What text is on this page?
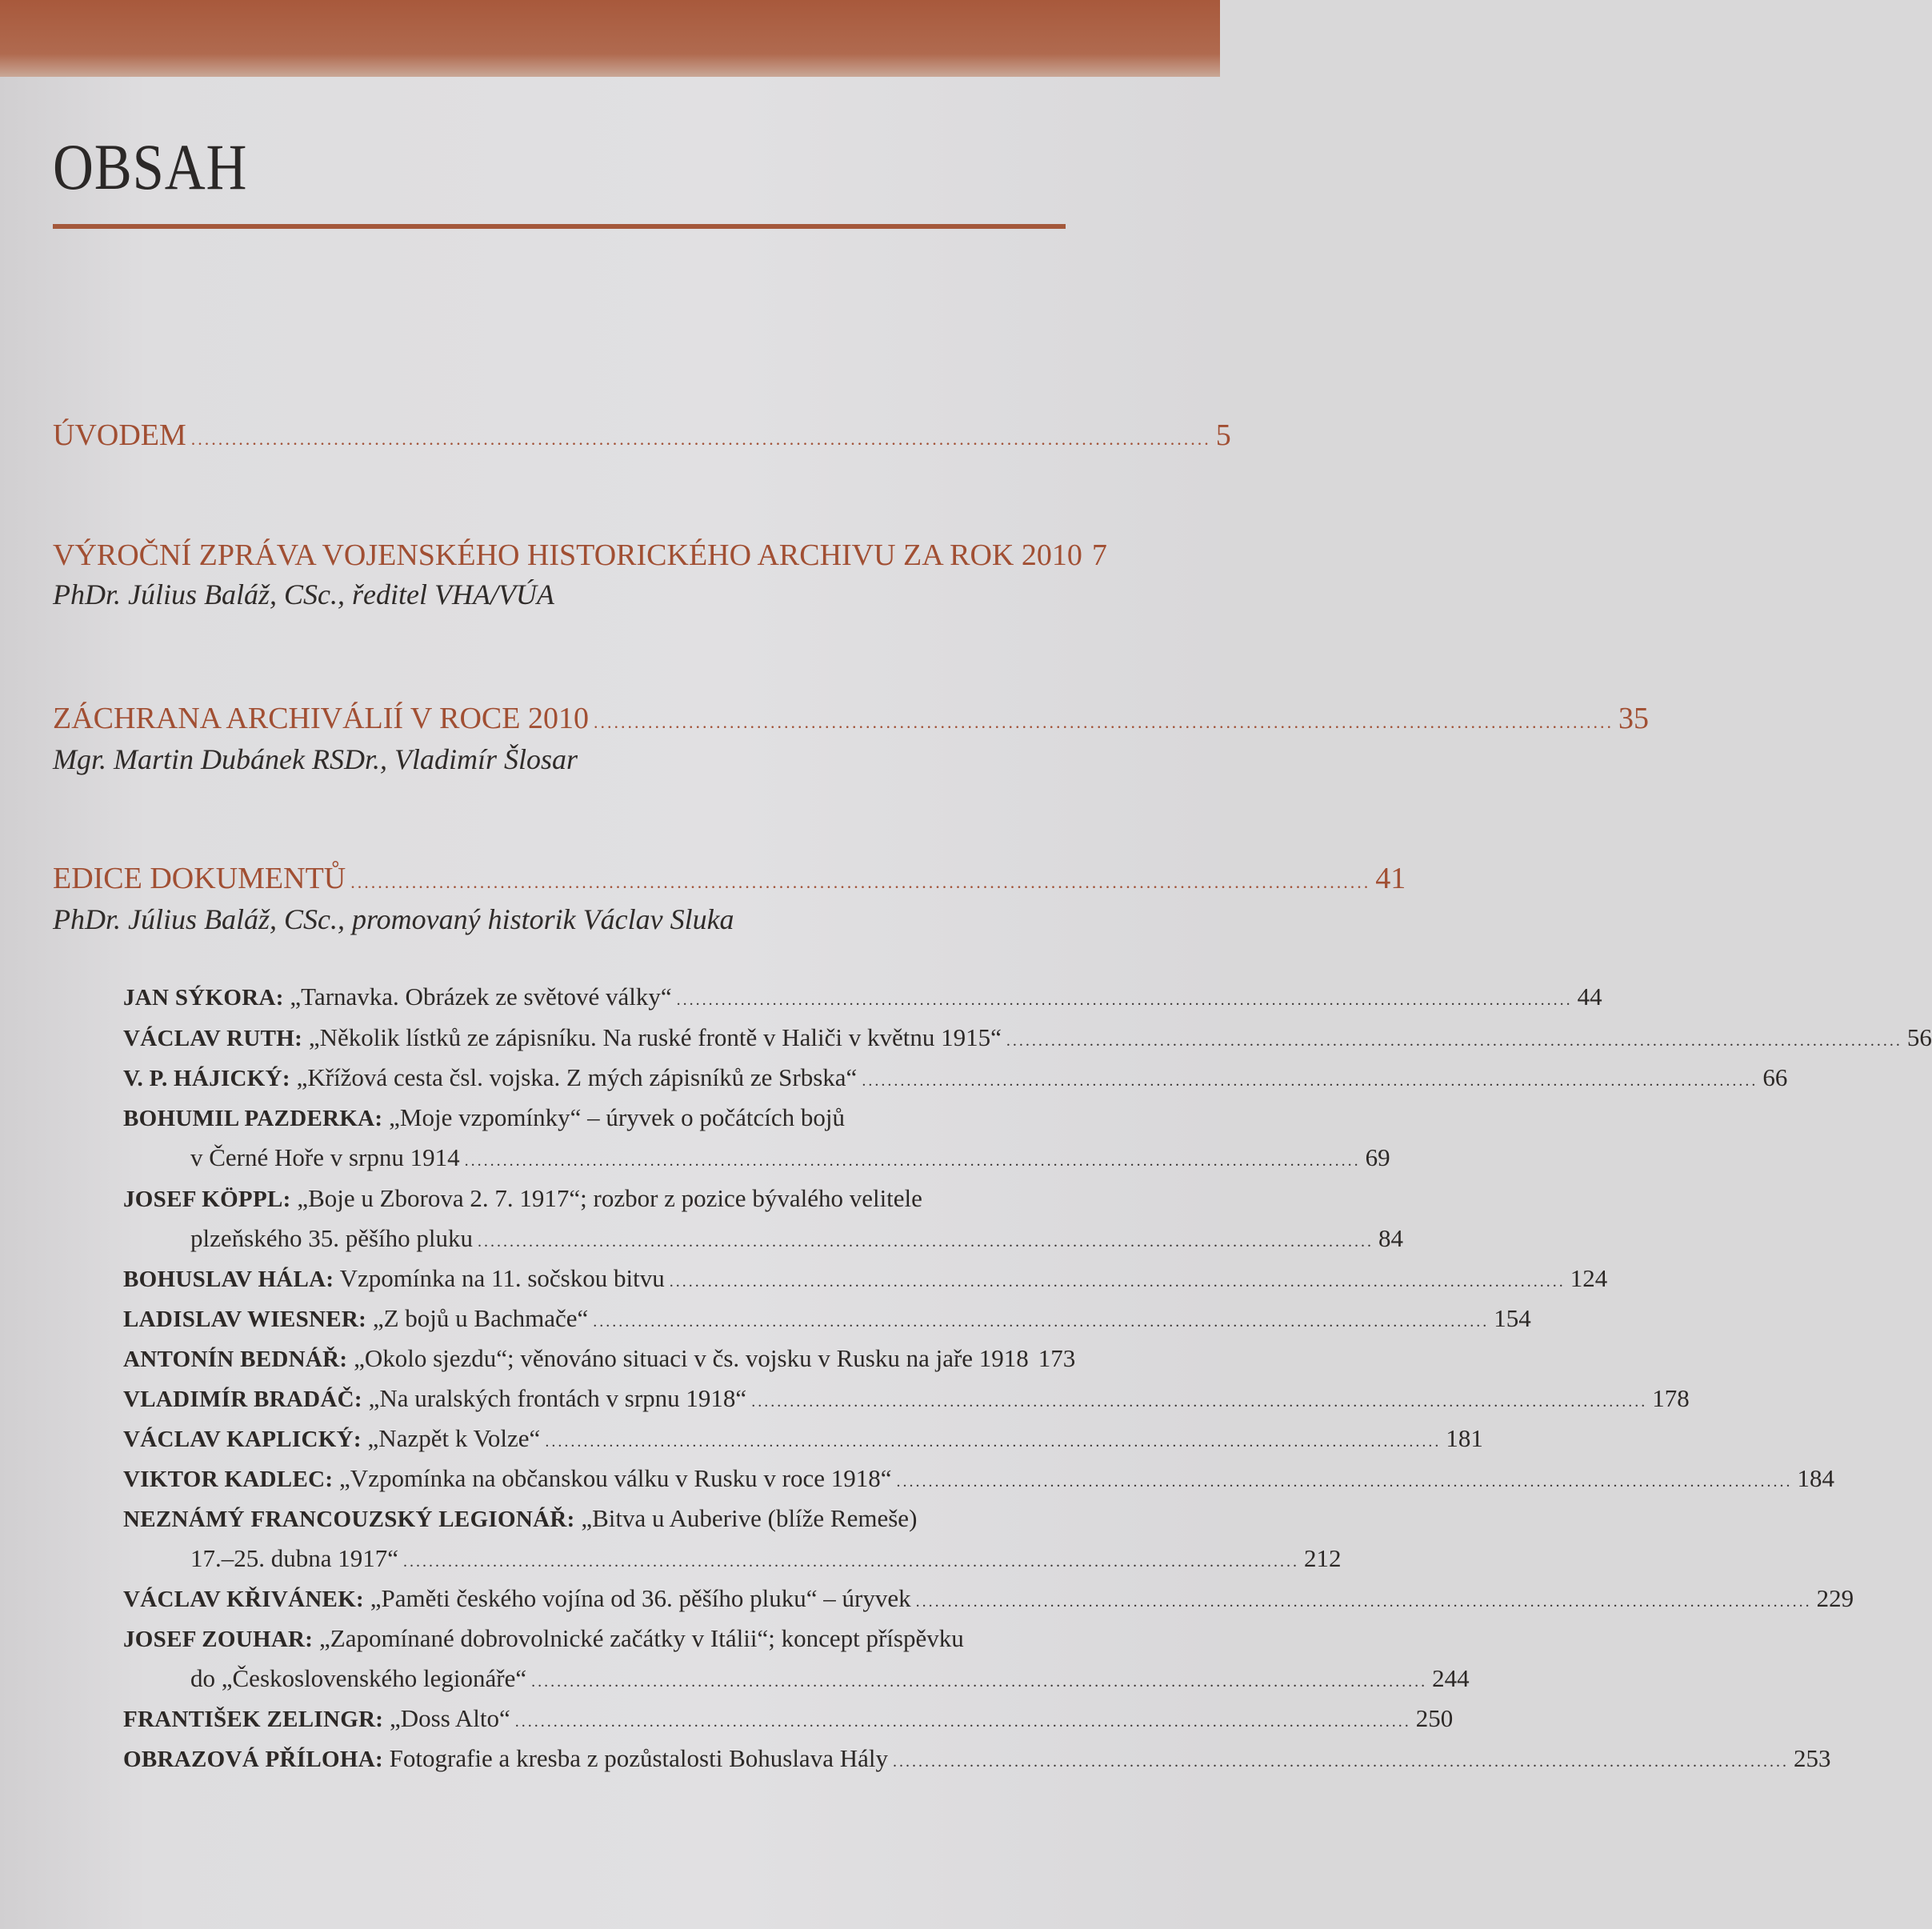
OBSAH
ÚVODEM ...................................................................................................................................................... 5
VÝROČNÍ ZPRÁVA VOJENSKÉHO HISTORICKÉHO ARCHIVU ZA ROK 2010 7
PhDr. Július Baláž, CSc., ředitel VHA/VÚA
ZÁCHRANA ARCHIVÁLIÍ V ROCE 2010 ...................................................................................................................................................... 35
Mgr. Martin Dubánek RSDr., Vladimír Šlosar
EDICE DOKUMENTŮ ...................................................................................................................................................... 41
PhDr. Július Baláž, CSc., promovaný historik Václav Sluka
JAN SÝKORA: „Tarnavka. Obrázek ze světové války“ ............................................................................................................................................ 44
VÁCLAV RUTH: „Několik lístků ze zápisníku. Na ruské frontě v Haliči v květnu 1915“ ............................................................................................................................................ 56
V. P. HÁJICKÝ: „Křížová cesta čsl. vojska. Z mých zápisníků ze Srbska“ ............................................................................................................................................ 66
BOHUMIL PAZDERKA: „Moje vzpomínky“ – úryvek o počátcích bojů
v Černé Hoře v srpnu 1914 ............................................................................................................................................ 69
JOSEF KÖPPL: „Boje u Zborova 2. 7. 1917“; rozbor z pozice bývalého velitele
plzeňského 35. pěšího pluku ............................................................................................................................................ 84
BOHUSLAV HÁLA: Vzpomínka na 11. sočskou bitvu ............................................................................................................................................ 124
LADISLAV WIESNER: „Z bojů u Bachmače“ ............................................................................................................................................ 154
ANTONÍN BEDNÁŘ: „Okolo sjezdu“; věnováno situaci v čs. vojsku v Rusku na jaře 1918 173
VLADIMÍR BRADÁČ: „Na uralských frontách v srpnu 1918“ ............................................................................................................................................ 178
VÁCLAV KAPLICKÝ: „Nazpět k Volze“ ............................................................................................................................................ 181
VIKTOR KADLEC: „Vzpomínka na občanskou válku v Rusku v roce 1918“ ............................................................................................................................................ 184
NEZNÁMÝ FRANCOUZSKÝ LEGIONÁŘ: „Bitva u Auberive (blíže Remeše)
17.–25. dubna 1917“ ............................................................................................................................................ 212
VÁCLAV KŘIVÁNEK: „Paměti českého vojína od 36. pěšího pluku“ – úryvek ............................................................................................................................................ 229
JOSEF ZOUHAR: „Zapomínané dobrovolnické začátky v Itálii“; koncept příspěvku
do „Československého legionáře“ ............................................................................................................................................ 244
FRANTIŠEK ZELINGR: „Doss Alto“ ............................................................................................................................................ 250
OBRAZOVÁ PŘÍLOHA: Fotografie a kresba z pozůstalosti Bohuslava Hály ............................................................................................................................................ 253
